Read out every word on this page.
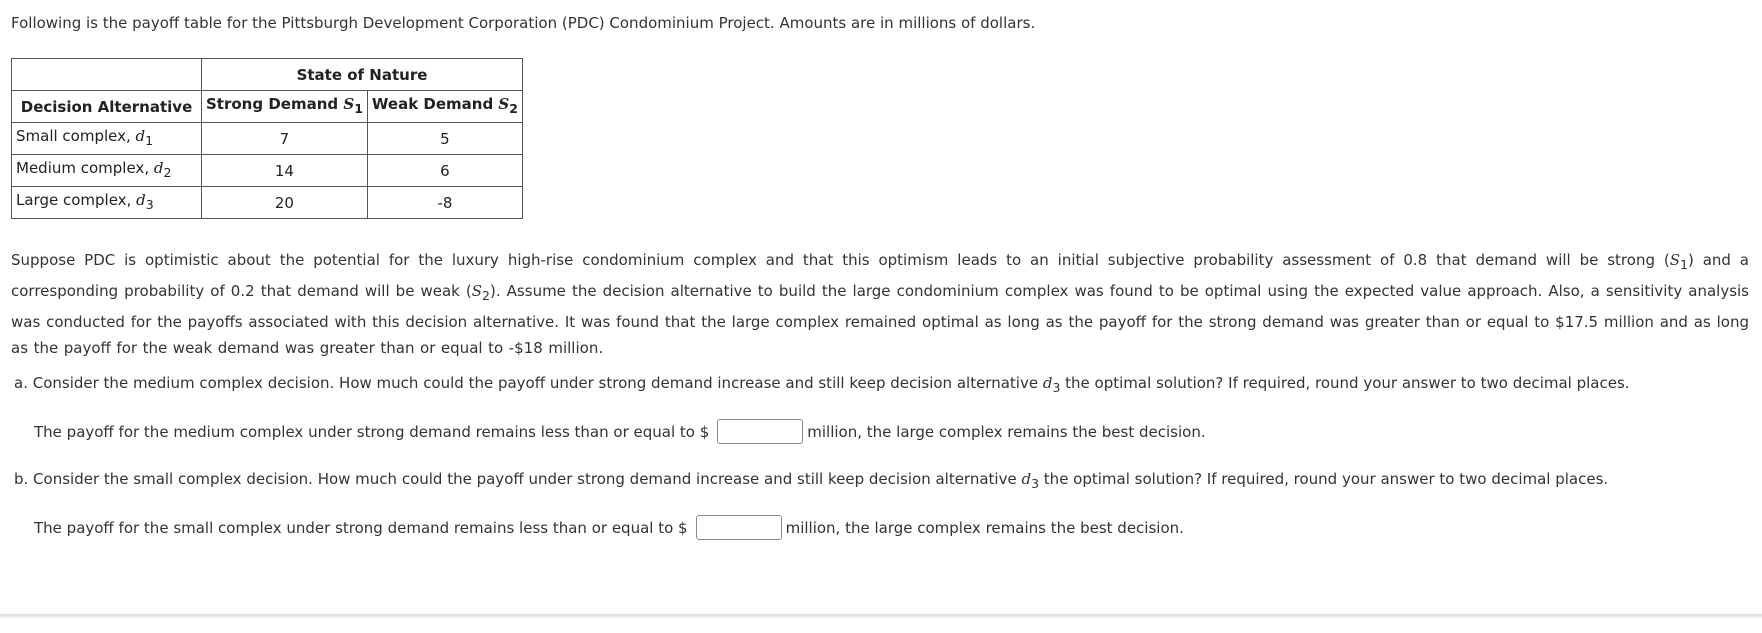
Following is the payoff table for the Pittsburgh Development Corporation (PDC) Condominium Project. Amounts are in millions of dollars.
	State of Nature	
Decision Alternative	Strong Demand $S_1$	Weak Demand $S_2$
Small complex, $d_1$	7	5
Medium complex, $d_2$	14	6
Large complex, $d_3$	20	-8
Suppose PDC is optimistic about the potential for the luxury high-rise condominium complex and that this optimism leads to an initial subjective probability assessment of 0.8 that demand will be strong $(S_1)$ and a corresponding probability of 0.2 that demand will be weak $(S_2)$. Assume the decision alternative to build the large condominium complex was found to be optimal using the expected value approach. Also, a sensitivity analysis was conducted for the payoffs associated with this decision alternative. It was found that the large complex remained optimal as long as the payoff for the strong demand was greater than or equal to $17.5 million and as long as the payoff for the weak demand was greater than or equal to -$18 million.
a. Consider the medium complex decision. How much could the payoff under strong demand increase and still keep decision alternative $d_3$ the optimal solution? If required, round your answer to two decimal places.
The payoff for the medium complex under strong demand remains less than or equal to $	million, the large complex remains the best decision.
b. Consider the small complex decision. How much could the payoff under strong demand increase and still keep decision alternative $d_3$ the optimal solution? If required, round your answer to two decimal places.
The payoff for the small complex under strong demand remains less than or equal to $	million, the large complex remains the best decision.
